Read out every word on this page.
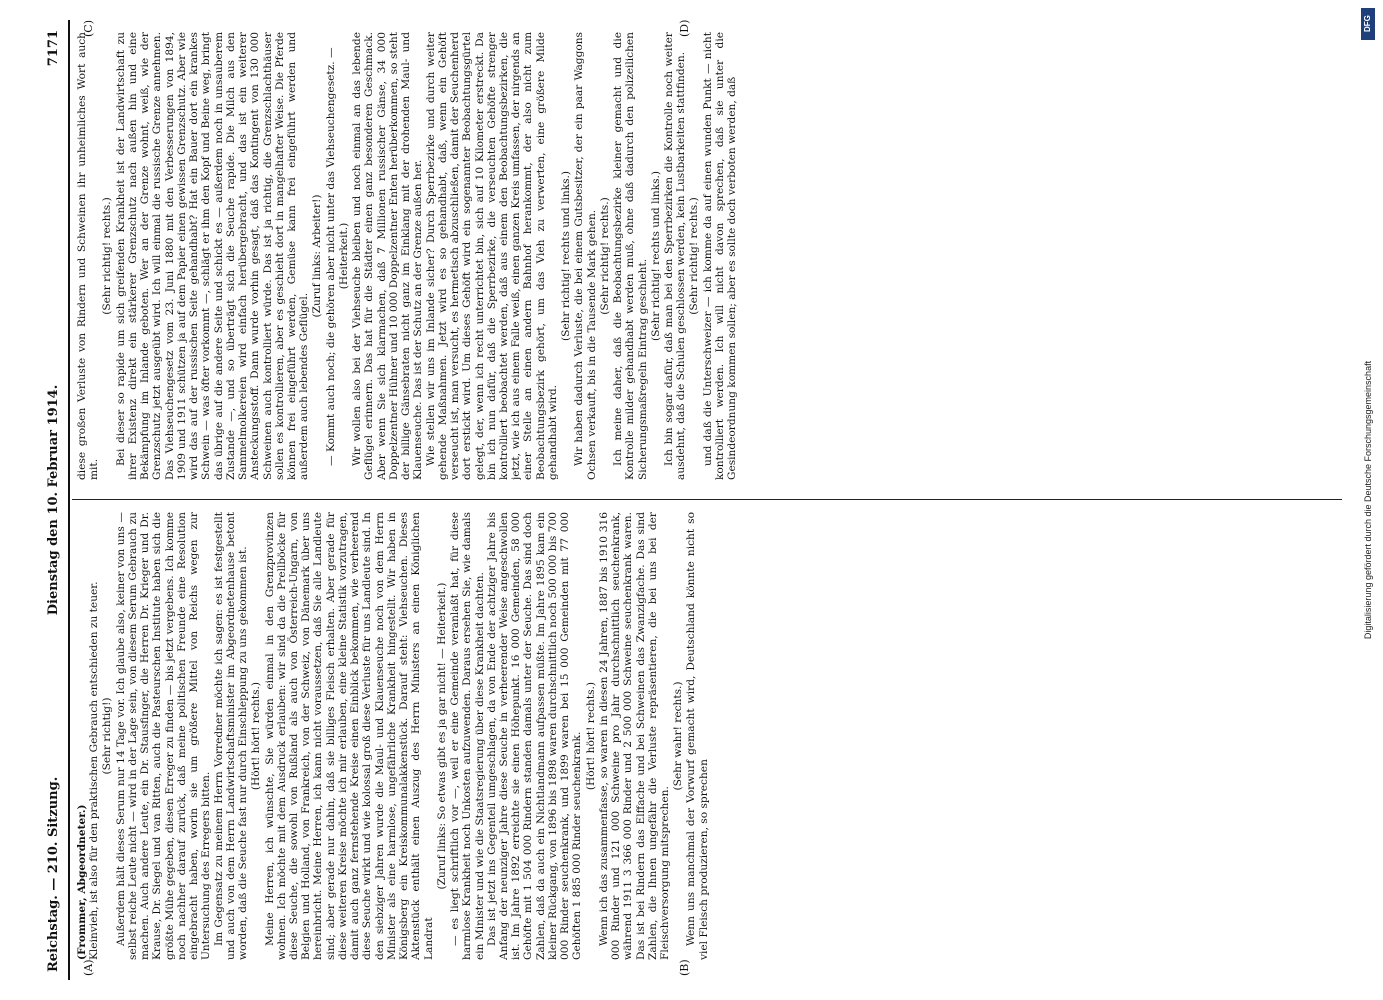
Reichstag. — 210. Sitzung.
Dienstag den 10. Februar 1914.
7171
(A)	(B)
(C)	(D)

(Frommer, Abgeordneter.) Kleinvieh, ist also für den praktischen Gebrauch entschieden zu teuer. (Sehr richtig!) Außerdem hält dieses Serum nur 14 Tage vor. Ich glaube also, keiner von uns — selbst reiche Leute nicht — wird in der Lage sein, von diesem Serum Gebrauch zu machen. Auch andere Leute, ein Dr. Stausfinger, die Herren Dr. Krieger und Dr. Krause, Dr. Siegel und van Ritten, auch die Pasteurschen Institute haben sich die größte Mühe gegeben, diesen Erreger zu finden — bis jetzt vergebens. Ich komme noch nachher darauf zurück, daß meine politischen Freunde eine Resolution eingebracht haben, worin sie um größere Mittel von Reichs wegen zur Untersuchung des Erregers bitten. Im Gegensatz zu meinem Herrn Vorredner möchte ich sagen: es ist festgestellt und auch von dem Herrn Landwirtschaftsminister im Abgeordnetenhause betont worden, daß die Seuche fast nur durch Einschleppung zu uns gekommen ist. (Hört! hört! rechts.) Meine Herren, ich wünschte, Sie würden einmal in den Grenzprovinzen wohnen. Ich möchte mit dem Ausdruck erlauben: wir sind da die Prellböcke für diese Seuche, die sowohl von Rußland als auch von Österreich-Ungarn, von Belgien und Holland, von Frankreich, von der Schweiz, von Dänemark über uns hereinbricht. Meine Herren, ich kann nicht voraussetzen, daß Sie alle Landleute sind; aber gerade nur dahin, daß sie billiges Fleisch erhalten. Aber gerade für diese weiteren Kreise möchte ich mir erlauben, eine kleine Statistik vorzutragen, damit auch ganz fernstehende Kreise einen Einblick bekommen, wie verheerend diese Seuche wirkt und wie kolossal groß diese Verluste für uns Landleute sind. In den siebziger Jahren wurde die Maul- und Klauenseuche noch von dem Herrn Minister als eine harmlose, ungefährliche Krankheit hingestellt. Wir haben in Königsberg ein Kreiskommunalakkenstück. Darauf steht: Viehseuchen. Dieses Aktenstück enthält einen Auszug des Herrn Ministers an einen Königlichen Landrat

(Zuruf links: So etwas gibt es ja gar nicht! — Heiterkeit.) — es liegt schriftlich vor —, weil er eine Gemeinde veranlaßt hat, für diese harmlose Krankheit noch Unkosten aufzuwenden. Daraus ersehen Sie, wie damals ein Minister und wie die Staatsregierung über diese Krankheit dachten. Das ist jetzt ins Gegenteil umgeschlagen, da von Ende der achtziger Jahre bis Anfang der neunziger Jahre diese Seuche in verheerender Weise angeschwollen ist. Im Jahre 1892 erreichte sie einen Höhepunkt. 16 000 Gemeinden, 58 000 Gehöfte mit 1 504 000 Rindern standen damals unter der Seuche. Das sind doch Zahlen, daß da auch ein Nichtlandmann aufpassen müßte. Im Jahre 1895 kam ein kleiner Rückgang, von 1896 bis 1898 waren durchschnittlich noch 500 000 bis 700 000 Rinder seuchenkrank, und 1899 waren bei 15 000 Gemeinden mit 77 000 Gehöften 1 885 000 Rinder seuchenkrank. (Hört! hört! rechts.) Wenn ich das zusammenfasse, so waren in diesen 24 Jahren, 1887 bis 1910 316 000 Rinder und 121 000 Schweine pro Jahr durchschnittlich seuchenkrank, während 1911 3 366 000 Rinder und 2 500 000 Schweine seuchenkrank waren. Das ist bei Rindern das Elffache und bei Schweinen das Zwanzigfache. Das sind Zahlen, die Ihnen ungefähr die Verluste repräsentieren, die bei uns bei der Fleischversorgung mitsprechen.

(Sehr wahr! rechts.) Wenn uns manchmal der Vorwurf gemacht wird, Deutschland könnte nicht so viel Fleisch produzieren, so sprechen

diese großen Verluste von Rindern und Schweinen ihr unheimliches Wort auch mit.

(Sehr richtig! rechts.) Bei dieser so rapide um sich greifenden Krankheit ist der Landwirtschaft zu ihrer Existenz direkt ein stärkerer Grenzschutz nach außen hin und eine Bekämpfung im Inlande geboten. Wer an der Grenze wohnt, weiß, wie der Grenzschutz jetzt ausgeübt wird. Ich will einmal die russische Grenze annehmen. Das Viehseuchengesetz vom 23. Juni 1880 mit den Verbesserungen von 1894, 1909 und 1911 schützen ja auf dem Papier einen gewissen Grenzschutz. Aber wie wird das auf der russischen Seite gehandhabt? Hat ein Bauer dort ein krankes Schwein — was öfter vorkommt —, schlägt er ihm den Kopf und Beine weg, bringt das übrige auf die andere Seite und schickt es — außerdem noch in unsauberem Zustande —, und so überträgt sich die Seuche rapide. Die Milch aus den Sammelmolkereien wird einfach herübergebracht, und das ist ein weiterer Ansteckungsstoff. Dann wurde vorhin gesagt, daß das Kontingent von 130 000 Schweinen auch kontrolliert würde. Das ist ja richtig, die Grenzschlachthäuser sollen es kontrollieren, aber es geschieht dort in mangelhafter Weise. Die Pferde können frei eingeführt werden, Gemüse kann frei eingeführt werden und außerdem auch lebendes Geflügel.

(Zuruf links: Arbeiter!) — Kommt auch noch; die gehören aber nicht unter das Viehseuchengesetz. — (Heiterkeit.) Wir wollen also bei der Viehseuche bleiben und noch einmal an das lebende Geflügel erinnern. Das hat für die Städter einen ganz besonderen Geschmack. Aber wenn Sie sich klarmachen, daß 7 Millionen russischer Gänse, 34 000 Doppelzentner Hühner und 10 000 Doppelzentner Enten herüberkommen, so steht der billige Gänsebraten nicht ganz im Einklang mit der drohenden Maul- und Klauenseuche. Das ist der Schutz an der Grenze außen her. Wie stellen wir uns im Inlande sicher? Durch Sperrbezirke und durch weiter gehende Maßnahmen. Jetzt wird es so gehandhabt, daß, wenn ein Gehöft verseucht ist, man versucht, es hermetisch abzuschließen, damit der Seuchenherd dort erstickt wird. Um dieses Gehöft wird ein sogenannter Beobachtungsgürtel gelegt, der, wenn ich recht unterrichtet bin, sich auf 10 Kilometer erstreckt. Da bin ich nun dafür, daß die Sperrbezirke, die verseuchten Gehöfte strenger kontrolliert beobachtet werden, daß aus einem den Beobachtungsbezirken, die jetzt, wie ich aus einem Falle weiß, einen ganzen Kreis umfassen, der nirgends an einer Stelle an einen andern Bahnhof herankommt, der also nicht zum Beobachtungsbezirk gehört, um das Vieh zu verwerten, eine größere Milde gehandhabt wird.

(Sehr richtig! rechts und links.) Wir haben dadurch Verluste, die bei einem Gutsbesitzer, der ein paar Waggons Ochsen verkauft, bis in die Tausende Mark gehen. (Sehr richtig! rechts.) Ich meine daher, daß die Beobachtungsbezirke kleiner gemacht und die Kontrolle milder gehandhabt werden muß, ohne daß dadurch den polizeilichen Sicherungsmaßregeln Eintrag geschieht.

(Sehr richtig! rechts und links.) Ich bin sogar dafür, daß man bei den Sperrbezirken die Kontrolle noch weiter ausdehnt, daß die Schulen geschlossen werden, kein Lustbarkeiten stattfinden. (Sehr richtig! rechts.) und daß die Unterschweizer — ich komme da auf einen wunden Punkt — nicht kontrolliert werden. Ich will nicht davon sprechen, daß sie unter die Gesindeordnung kommen sollen; aber es sollte doch verboten werden, daß

DFG
Digitalisierung gefördert durch die Deutsche Forschungsgemeinschaft
